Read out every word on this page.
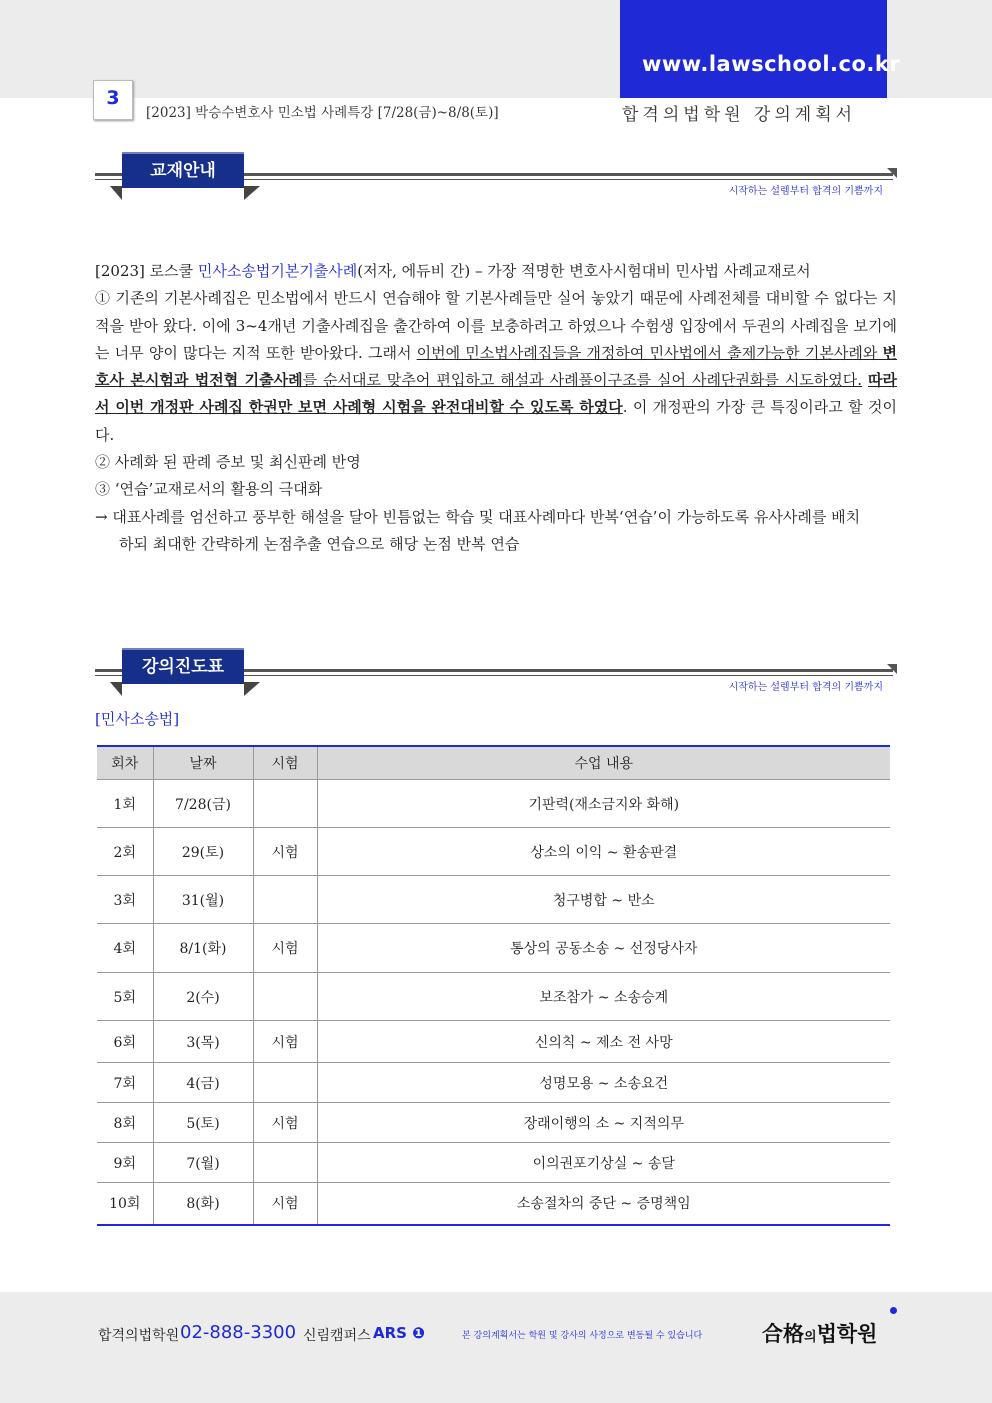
www.lawschool.co.kr
3
[2023] 박승수변호사 민소법 사례특강 [7/28(금)~8/8(토)]	합격의법학원 강의계획서
교재안내
시작하는 설렘부터 합격의 기쁨까지

[2023] 로스쿨 민사소송법기본기출사례(저자, 에듀비 간) – 가장 적명한 변호사시험대비 민사법 사례교재로서

① 기존의 기본사례집은 민소법에서 반드시 연습해야 할 기본사례들만 실어 놓았기 때문에 사례전체를 대비할 수 없다는 지적을 받아 왔다. 이에 3~4개년 기출사례집을 출간하여 이를 보충하려고 하였으나 수험생 입장에서 두권의 사례집을 보기에는 너무 양이 많다는 지적 또한 받아왔다. 그래서 이번에 민소법사례집들을 개정하여 민사법에서 출제가능한 기본사례와 변호사 본시험과 법전협 기출사례를 순서대로 맞추어 편입하고 해설과 사례풀이구조를 실어 사례단권화를 시도하였다. 따라서 이번 개정판 사례집 한권만 보면 사례형 시험을 완전대비할 수 있도록 하였다. 이 개정판의 가장 큰 특징이라고 할 것이다.

② 사례화 된 판례 증보 및 최신판례 반영

③ ‘연습’교재로서의 활용의 극대화

→ 대표사례를 엄선하고 풍부한 해설을 달아 빈틈없는 학습 및 대표사례마다 반복‘연습’이 가능하도록 유사사례를 배치

하되 최대한 간략하게 논점추출 연습으로 해당 논점 반복 연습

강의진도표
시작하는 설렘부터 합격의 기쁨까지
[민사소송법]
회차	날짜	시험	수업 내용
1회	7/28(금)		기판력(재소금지와 화해)
2회	29(토)	시험	상소의 이익 ~ 환송판결
3회	31(월)		청구병합 ~ 반소
4회	8/1(화)	시험	통상의 공동소송 ~ 선정당사자
5회	2(수)		보조참가 ~ 소송승계
6회	3(목)	시험	신의칙 ~ 제소 전 사망
7회	4(금)		성명모용 ~ 소송요건
8회	5(토)	시험	장래이행의 소 ~ 지적의무
9회	7(월)		이의권포기상실 ~ 송달
10회	8(화)	시험	소송절차의 중단 ~ 증명책임
합격의법학원 02-888-3300 신림캠퍼스 ARS ❶	본 강의계획서는 학원 및 강사의 사정으로 변동될 수 있습니다	合格의법학원
